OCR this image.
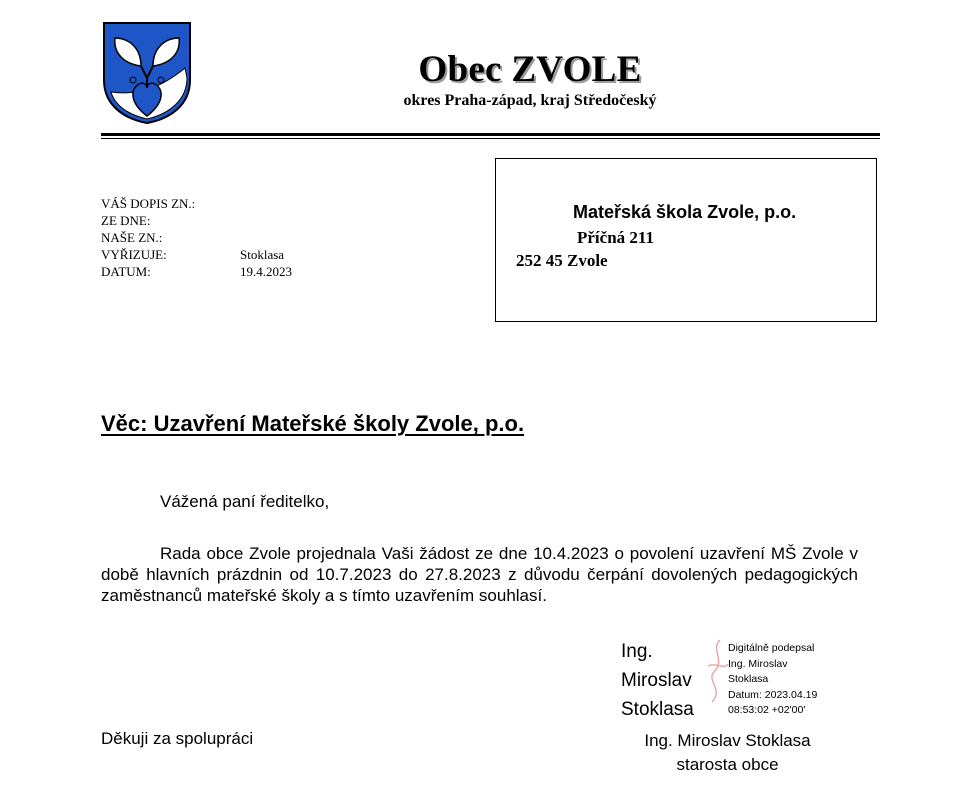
Obec ZVOLE
okres Praha-západ, kraj Středočeský
VÁŠ DOPIS ZN.:
ZE DNE:
NAŠE ZN.:
VYŘIZUJE:	Stoklasa
DATUM:	19.4.2023
Mateřská škola Zvole, p.o.
Příčná 211
252 45 Zvole
Věc: Uzavření Mateřské školy Zvole, p.o.
Vážená paní ředitelko,
Rada obce Zvole projednala Vaši žádost ze dne 10.4.2023 o povolení uzavření MŠ Zvole v době hlavních prázdnin od 10.7.2023 do 27.8.2023 z důvodu čerpání dovolených pedagogických zaměstnanců mateřské školy a s tímto uzavřením souhlasí.
Ing.
Miroslav
Stoklasa
Digitálně podepsal
Ing. Miroslav
Stoklasa
Datum: 2023.04.19
08:53:02 +02'00'
Děkuji za spolupráci	Ing. Miroslav Stoklasa
starosta obce
